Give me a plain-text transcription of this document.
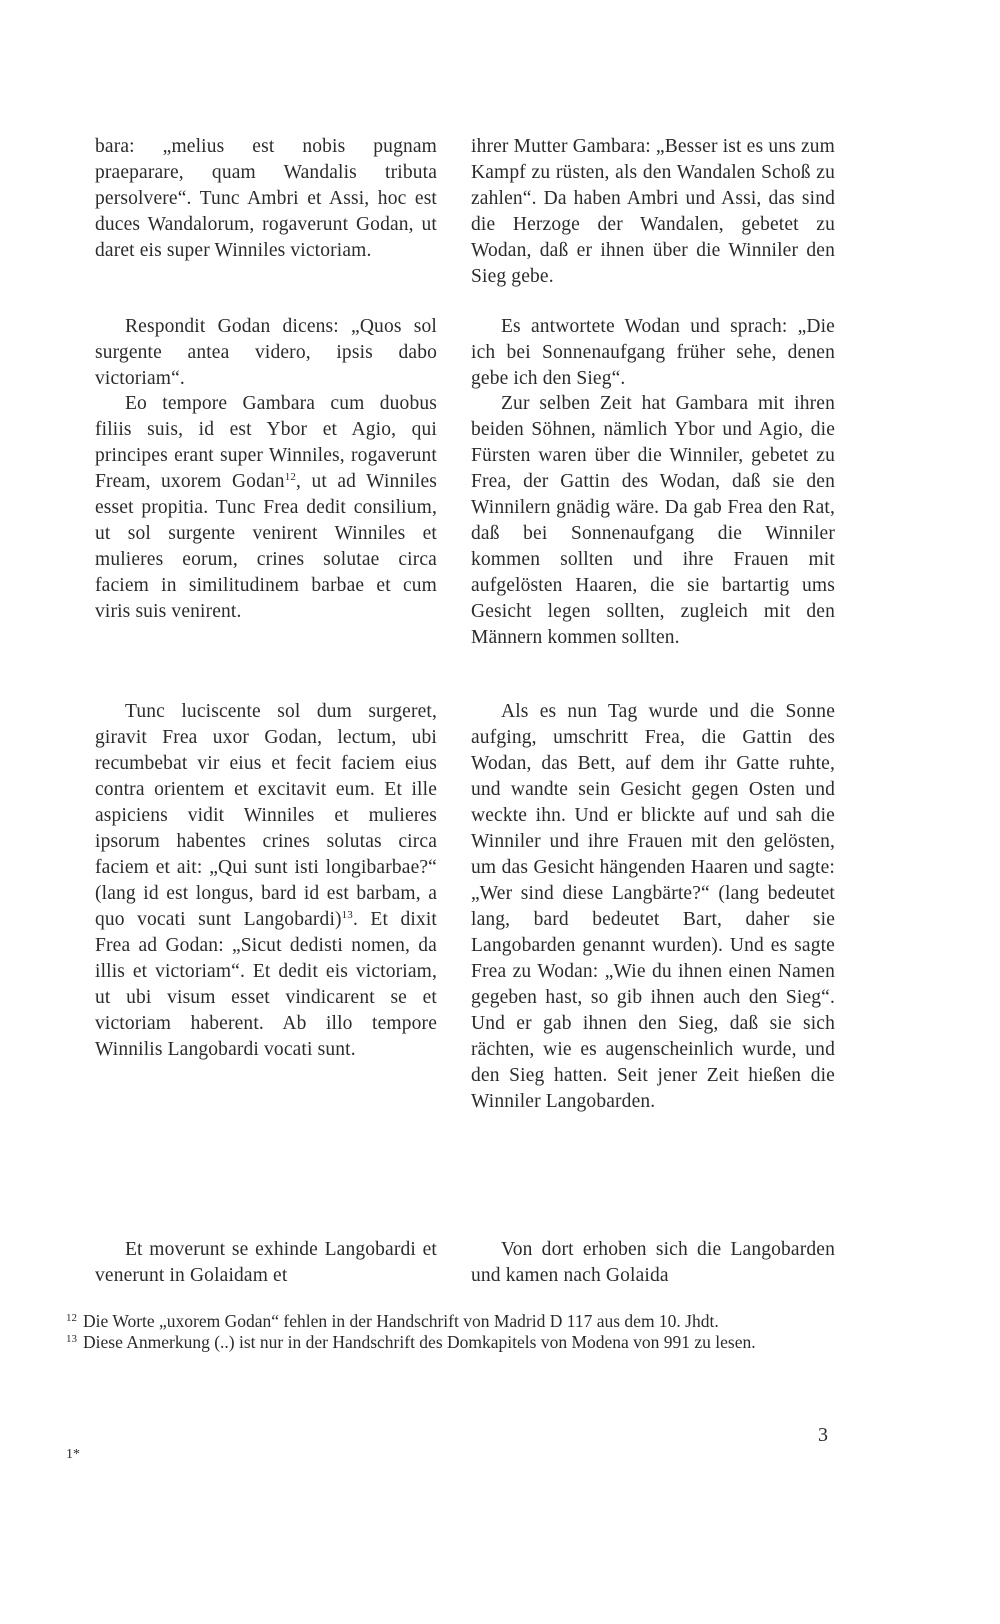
bara: „melius est nobis pugnam praeparare, quam Wandalis tributa persolvere“. Tunc Ambri et Assi, hoc est duces Wandalorum, rogaverunt Godan, ut daret eis super Winniles victoriam.

Respondit Godan dicens: „Quos sol surgente antea videro, ipsis dabo victoriam“.

Eo tempore Gambara cum duobus filiis suis, id est Ybor et Agio, qui principes erant super Winniles, rogaverunt Fream, uxorem Godan$^{12}$, ut ad Winniles esset propitia. Tunc Frea dedit consilium, ut sol surgente venirent Winniles et mulieres eorum, crines solutae circa faciem in similitudinem barbae et cum viris suis venirent.

Tunc luciscente sol dum surgeret, giravit Frea uxor Godan, lectum, ubi recumbebat vir eius et fecit faciem eius contra orientem et excitavit eum. Et ille aspiciens vidit Winniles et mulieres ipsorum habentes crines solutas circa faciem et ait: „Qui sunt isti longibarbae?“ (lang id est longus, bard id est barbam, a quo vocati sunt Langobardi)$^{13}$. Et dixit Frea ad Godan: „Sicut dedisti nomen, da illis et victoriam“. Et dedit eis victoriam, ut ubi visum esset vindicarent se et victoriam haberent. Ab illo tempore Winnilis Langobardi vocati sunt.

Et moverunt se exhinde Langobardi et venerunt in Golaidam et

ihrer Mutter Gambara: „Besser ist es uns zum Kampf zu rüsten, als den Wandalen Schoß zu zahlen“. Da haben Ambri und Assi, das sind die Herzoge der Wandalen, gebetet zu Wodan, daß er ihnen über die Winniler den Sieg gebe.

Es antwortete Wodan und sprach: „Die ich bei Sonnenaufgang früher sehe, denen gebe ich den Sieg“.

Zur selben Zeit hat Gambara mit ihren beiden Söhnen, nämlich Ybor und Agio, die Fürsten waren über die Winniler, gebetet zu Frea, der Gattin des Wodan, daß sie den Winnilern gnädig wäre. Da gab Frea den Rat, daß bei Sonnenaufgang die Winniler kommen sollten und ihre Frauen mit aufgelösten Haaren, die sie bartartig ums Gesicht legen sollten, zugleich mit den Männern kommen sollten.

Als es nun Tag wurde und die Sonne aufging, umschritt Frea, die Gattin des Wodan, das Bett, auf dem ihr Gatte ruhte, und wandte sein Gesicht gegen Osten und weckte ihn. Und er blickte auf und sah die Winniler und ihre Frauen mit den gelösten, um das Gesicht hängenden Haaren und sagte: „Wer sind diese Langbärte?“ (lang bedeutet lang, bard bedeutet Bart, daher sie Langobarden genannt wurden). Und es sagte Frea zu Wodan: „Wie du ihnen einen Namen gegeben hast, so gib ihnen auch den Sieg“. Und er gab ihnen den Sieg, daß sie sich rächten, wie es augenscheinlich wurde, und den Sieg hatten. Seit jener Zeit hießen die Winniler Langobarden.

Von dort erhoben sich die Langobarden und kamen nach Golaida

$^{12}$ Die Worte „uxorem Godan“ fehlen in der Handschrift von Madrid D 117 aus dem 10. Jhdt.

$^{13}$ Diese Anmerkung (..) ist nur in der Handschrift des Domkapitels von Modena von 991 zu lesen.

3
1*
